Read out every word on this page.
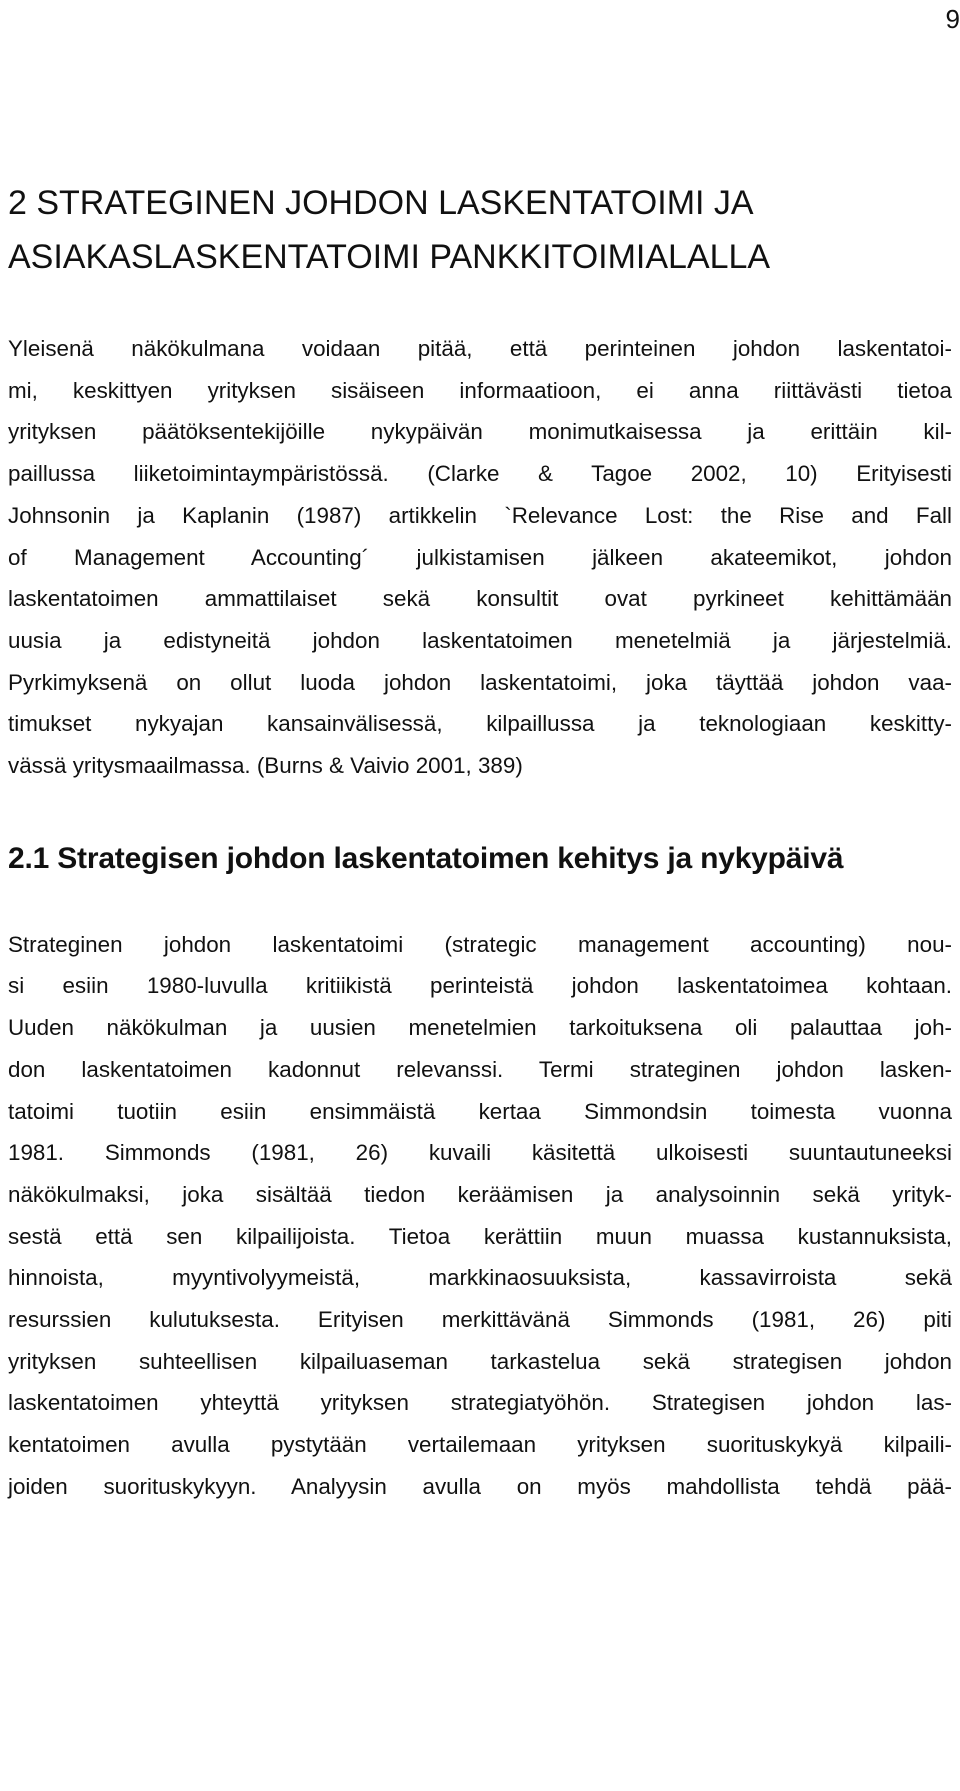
9
2 STRATEGINEN JOHDON LASKENTATOIMI JA
ASIAKASLASKENTATOIMI PANKKITOIMIALALLA
Yleisenä näkökulmana voidaan pitää, että perinteinen johdon laskentatoi-
mi, keskittyen yrityksen sisäiseen informaatioon, ei anna riittävästi tietoa
yrityksen päätöksentekijöille nykypäivän monimutkaisessa ja erittäin kil-
paillussa liiketoimintaympäristössä. (Clarke & Tagoe 2002, 10) Erityisesti
Johnsonin ja Kaplanin (1987) artikkelin `Relevance Lost: the Rise and Fall
of Management Accounting´ julkistamisen jälkeen akateemikot, johdon
laskentatoimen ammattilaiset sekä konsultit ovat pyrkineet kehittämään
uusia ja edistyneitä johdon laskentatoimen menetelmiä ja järjestelmiä.
Pyrkimyksenä on ollut luoda johdon laskentatoimi, joka täyttää johdon vaa-
timukset nykyajan kansainvälisessä, kilpaillussa ja teknologiaan keskitty-
vässä yritysmaailmassa. (Burns & Vaivio 2001, 389)
2.1 Strategisen johdon laskentatoimen kehitys ja nykypäivä
Strateginen johdon laskentatoimi (strategic management accounting) nou-
si esiin 1980-luvulla kritiikistä perinteistä johdon laskentatoimea kohtaan.
Uuden näkökulman ja uusien menetelmien tarkoituksena oli palauttaa joh-
don laskentatoimen kadonnut relevanssi. Termi strateginen johdon lasken-
tatoimi tuotiin esiin ensimmäistä kertaa Simmondsin toimesta vuonna
1981. Simmonds (1981, 26) kuvaili käsitettä ulkoisesti suuntautuneeksi
näkökulmaksi, joka sisältää tiedon keräämisen ja analysoinnin sekä yrityk-
sestä että sen kilpailijoista. Tietoa kerättiin muun muassa kustannuksista,
hinnoista, myyntivolyymeistä, markkinaosuuksista, kassavirroista sekä
resurssien kulutuksesta. Erityisen merkittävänä Simmonds (1981, 26) piti
yrityksen suhteellisen kilpailuaseman tarkastelua sekä strategisen johdon
laskentatoimen yhteyttä yrityksen strategiatyöhön. Strategisen johdon las-
kentatoimen avulla pystytään vertailemaan yrityksen suorituskykyä kilpaili-
joiden suorituskykyyn. Analyysin avulla on myös mahdollista tehdä pää-
